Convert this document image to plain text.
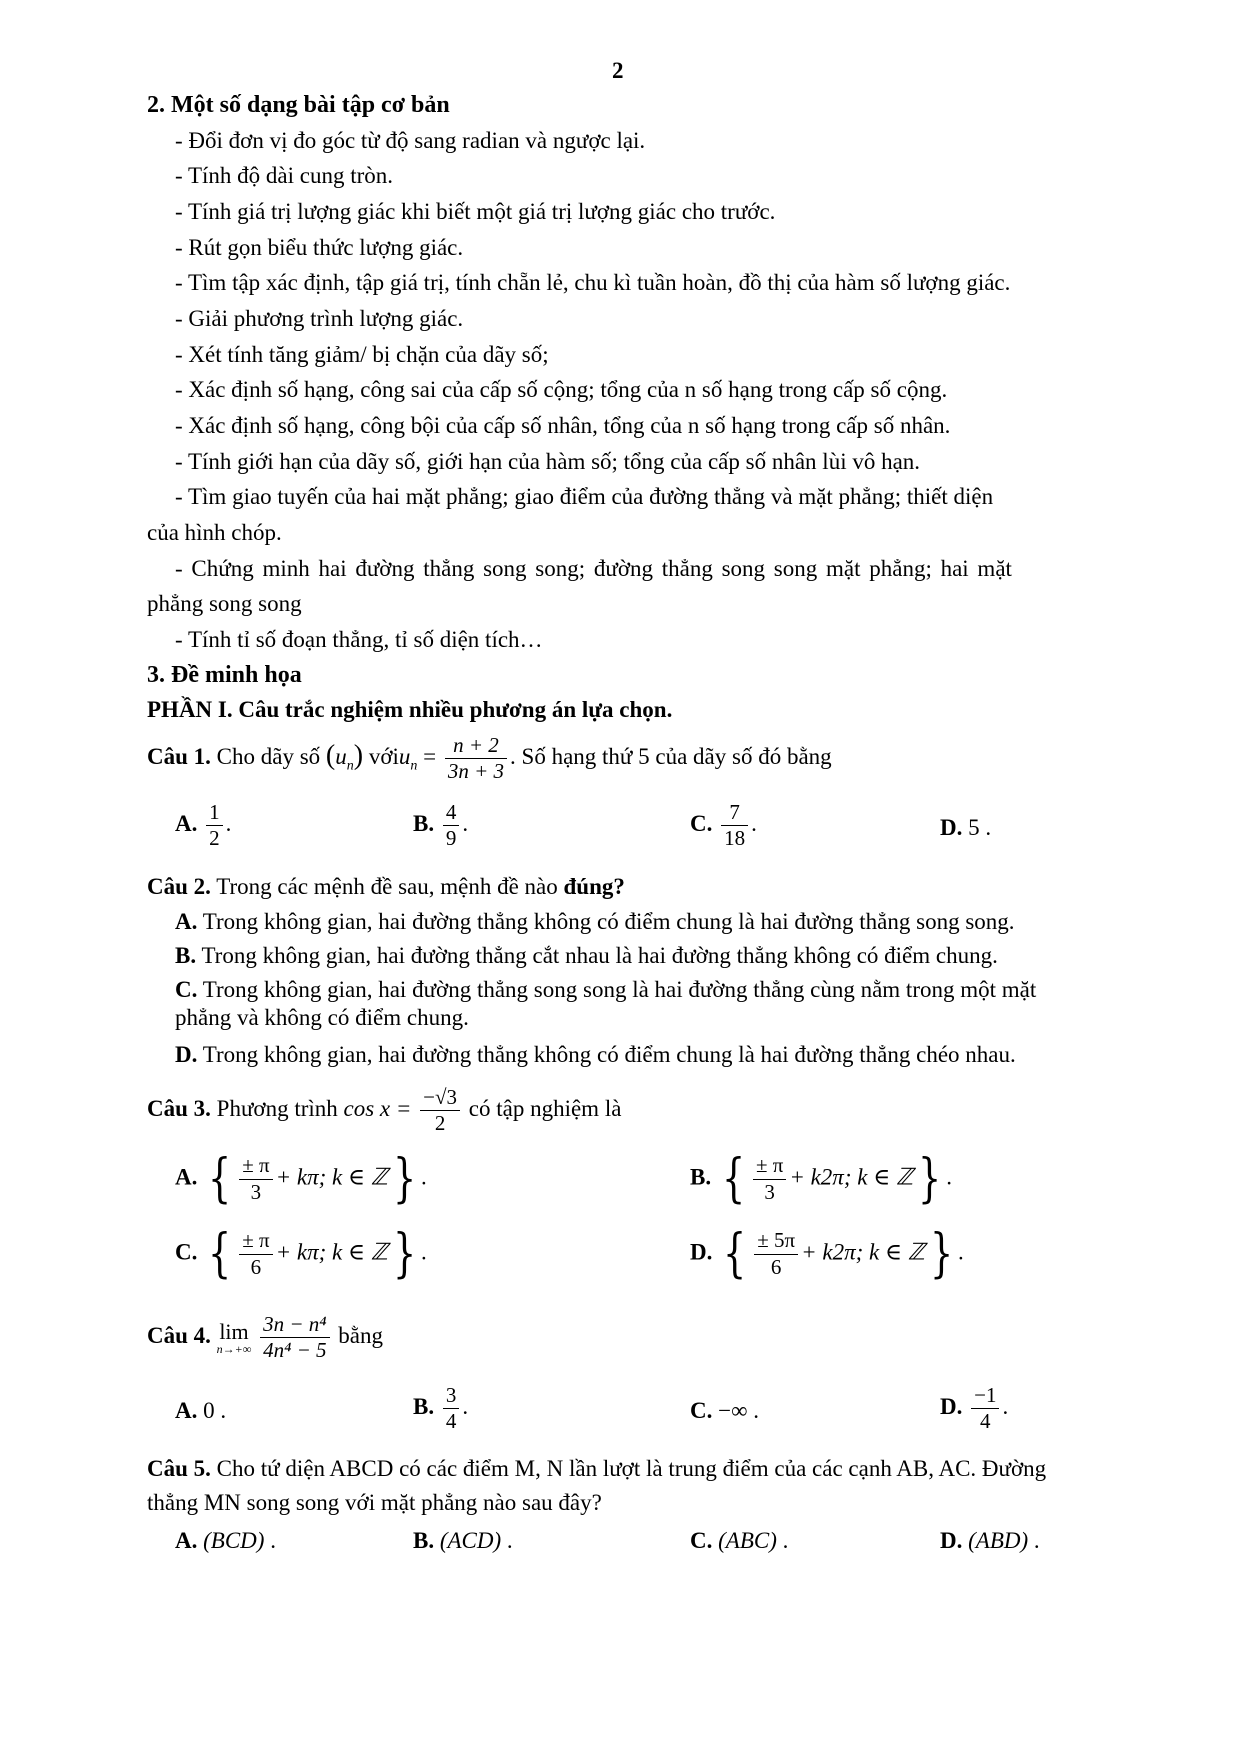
2
2. Một số dạng bài tập cơ bản
- Đổi đơn vị đo góc từ độ sang radian và ngược lại.
- Tính độ dài cung tròn.
- Tính giá trị lượng giác khi biết một giá trị lượng giác cho trước.
- Rút gọn biểu thức lượng giác.
- Tìm tập xác định, tập giá trị, tính chẵn lẻ, chu kì tuần hoàn, đồ thị của hàm số lượng giác.
- Giải phương trình lượng giác.
- Xét tính tăng giảm/ bị chặn của dãy số;
- Xác định số hạng, công sai của cấp số cộng; tổng của n số hạng trong cấp số cộng.
- Xác định số hạng, công bội của cấp số nhân, tổng của n số hạng trong cấp số nhân.
- Tính giới hạn của dãy số, giới hạn của hàm số; tổng của cấp số nhân lùi vô hạn.
- Tìm giao tuyến của hai mặt phẳng; giao điểm của đường thẳng và mặt phẳng; thiết diện
của hình chóp.
- Chứng minh hai đường thẳng song song; đường thẳng song song mặt phẳng; hai mặt
phẳng song song
- Tính tỉ số đoạn thẳng, tỉ số diện tích…
3. Đề minh họa
PHẦN I. Câu trắc nghiệm nhiều phương án lựa chọn.
Câu 1. Cho dãy số $(u_n)$ vớiu$_n$ = $\frac{n + 2}{3n + 3}$ . Số hạng thứ 5 của dãy số đó bằng
A. $\frac{1}{2}$ .	B. $\frac{4}{9}$ .	C. $\frac{7}{18}$ .	D. 5 .
Câu 2. Trong các mệnh đề sau, mệnh đề nào đúng?
A. Trong không gian, hai đường thẳng không có điểm chung là hai đường thẳng song song.
B. Trong không gian, hai đường thẳng cắt nhau là hai đường thẳng không có điểm chung.
C. Trong không gian, hai đường thẳng song song là hai đường thẳng cùng nằm trong một mặt
phẳng và không có điểm chung.
D. Trong không gian, hai đường thẳng không có điểm chung là hai đường thẳng chéo nhau.
Câu 3. Phương trình $\cos x = \frac{-√3}{2}$ có tập nghiệm là
A. { $\frac{\pm \pi}{3} + k\pi$; k ∈ ℤ} .	B. { $\frac{\pm \pi}{3} + k2\pi$; k ∈ ℤ} .
C. { $\frac{\pm \pi}{6} + k\pi$; k ∈ ℤ} .	D. { $\frac{\pm 5\pi}{6} + k2\pi$; k ∈ ℤ} .
Câu 4. lim
n→+∞
$\frac{\text{3n − n⁴}}{\text{4n⁴ − 5}}$ bằng
A. 0 .	B. $\frac{3}{4}$ .	C. −∞ .	D. $\frac{-1}{4}$ .
Câu 5. Cho tứ diện ABCD có các điểm M, N lần lượt là trung điểm của các cạnh AB, AC. Đường
thẳng MN song song với mặt phẳng nào sau đây?
A. (BCD) .	B. (ACD) .	C. (ABC) .	D. (ABD) .
